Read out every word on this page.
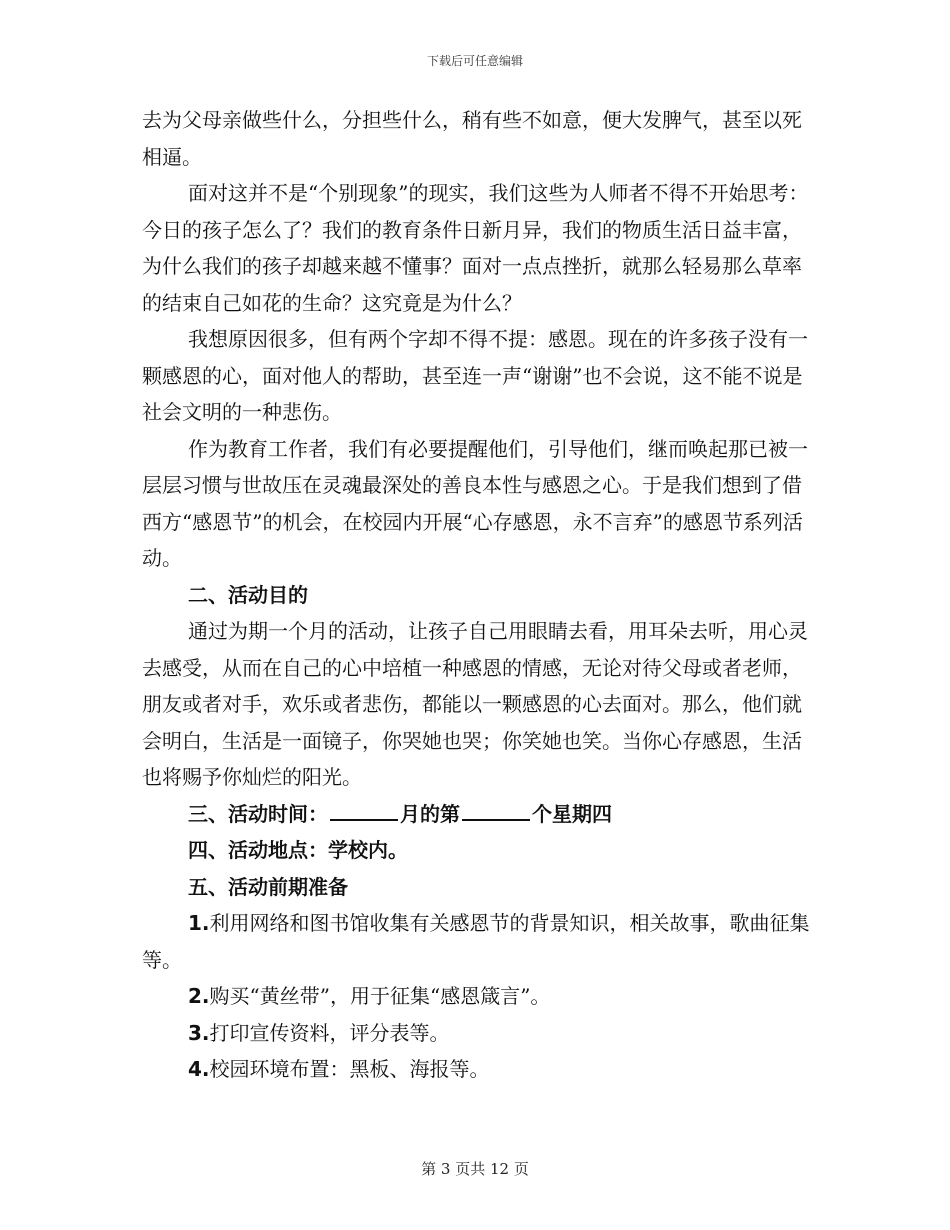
下载后可任意编辑

去为父母亲做些什么，分担些什么，稍有些不如意，便大发脾气，甚至以死相逼。

面对这并不是“个别现象”的现实，我们这些为人师者不得不开始思考：今日的孩子怎么了？我们的教育条件日新月异，我们的物质生活日益丰富，为什么我们的孩子却越来越不懂事？面对一点点挫折，就那么轻易那么草率的结束自己如花的生命？这究竟是为什么？

我想原因很多，但有两个字却不得不提：感恩。现在的许多孩子没有一颗感恩的心，面对他人的帮助，甚至连一声“谢谢”也不会说，这不能不说是社会文明的一种悲伤。

作为教育工作者，我们有必要提醒他们，引导他们，继而唤起那已被一层层习惯与世故压在灵魂最深处的善良本性与感恩之心。于是我们想到了借西方“感恩节”的机会，在校园内开展“心存感恩，永不言弃”的感恩节系列活动。

二、活动目的

通过为期一个月的活动，让孩子自己用眼睛去看，用耳朵去听，用心灵去感受，从而在自己的心中培植一种感恩的情感，无论对待父母或者老师，朋友或者对手，欢乐或者悲伤，都能以一颗感恩的心去面对。那么，他们就会明白，生活是一面镜子，你哭她也哭；你笑她也笑。当你心存感恩，生活也将赐予你灿烂的阳光。

三、活动时间：	月的第	个星期四

四、活动地点：学校内。

五、活动前期准备

1.利用网络和图书馆收集有关感恩节的背景知识，相关故事，歌曲征集等。

2.购买“黄丝带”，用于征集“感恩箴言”。

3.打印宣传资料，评分表等。

4.校园环境布置：黑板、海报等。

第 3 页共 12 页
